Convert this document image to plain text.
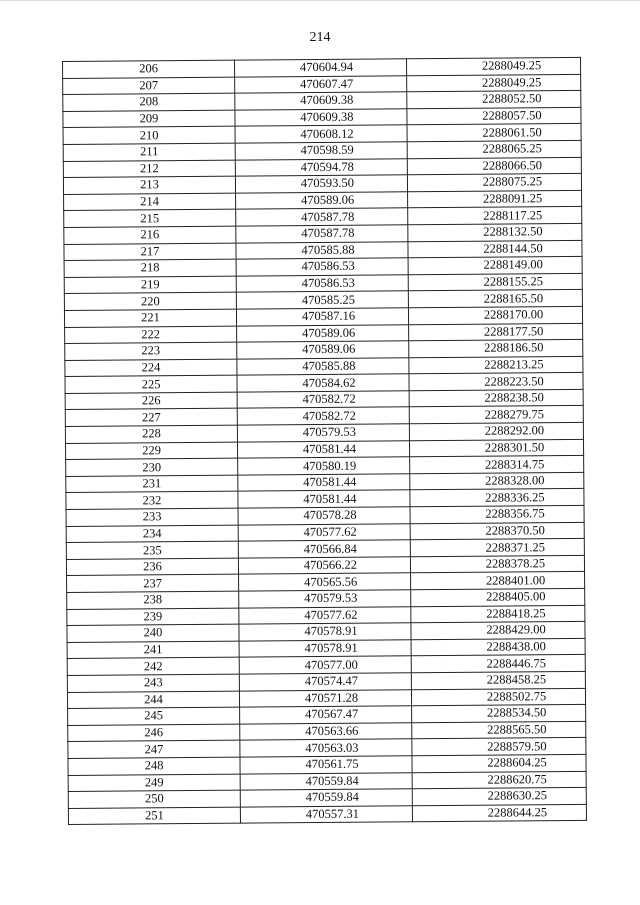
214
206	470604.94	2288049.25
207	470607.47	2288049.25
208	470609.38	2288052.50
209	470609.38	2288057.50
210	470608.12	2288061.50
211	470598.59	2288065.25
212	470594.78	2288066.50
213	470593.50	2288075.25
214	470589.06	2288091.25
215	470587.78	2288117.25
216	470587.78	2288132.50
217	470585.88	2288144.50
218	470586.53	2288149.00
219	470586.53	2288155.25
220	470585.25	2288165.50
221	470587.16	2288170.00
222	470589.06	2288177.50
223	470589.06	2288186.50
224	470585.88	2288213.25
225	470584.62	2288223.50
226	470582.72	2288238.50
227	470582.72	2288279.75
228	470579.53	2288292.00
229	470581.44	2288301.50
230	470580.19	2288314.75
231	470581.44	2288328.00
232	470581.44	2288336.25
233	470578.28	2288356.75
234	470577.62	2288370.50
235	470566.84	2288371.25
236	470566.22	2288378.25
237	470565.56	2288401.00
238	470579.53	2288405.00
239	470577.62	2288418.25
240	470578.91	2288429.00
241	470578.91	2288438.00
242	470577.00	2288446.75
243	470574.47	2288458.25
244	470571.28	2288502.75
245	470567.47	2288534.50
246	470563.66	2288565.50
247	470563.03	2288579.50
248	470561.75	2288604.25
249	470559.84	2288620.75
250	470559.84	2288630.25
251	470557.31	2288644.25
